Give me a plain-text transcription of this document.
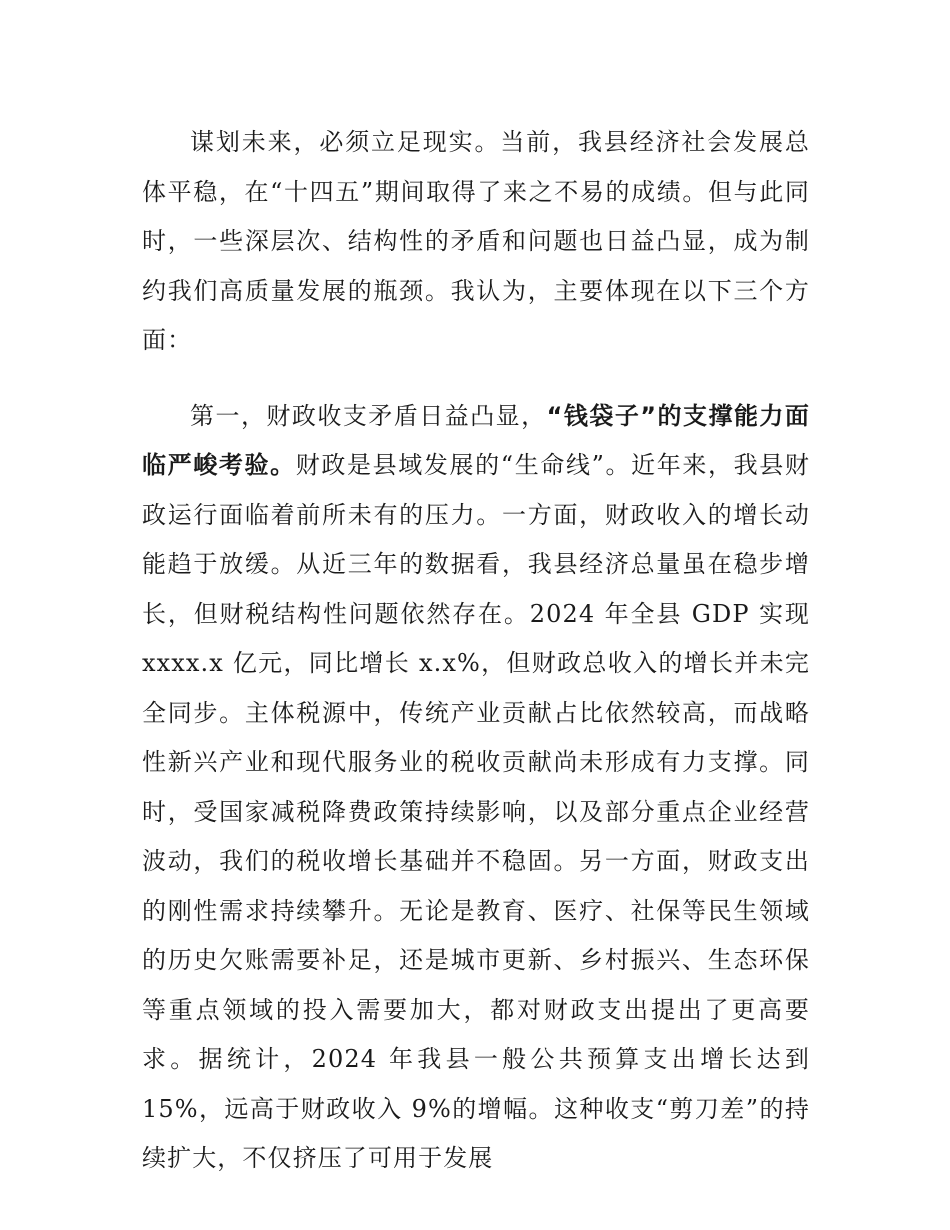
谋划未来，必须立足现实。当前，我县经济社会发展总体平稳，在“十四五”期间取得了来之不易的成绩。但与此同时，一些深层次、结构性的矛盾和问题也日益凸显，成为制约我们高质量发展的瓶颈。我认为，主要体现在以下三个方面：

第一，财政收支矛盾日益凸显，“钱袋子”的支撑能力面临严峻考验。财政是县域发展的“生命线”。近年来，我县财政运行面临着前所未有的压力。一方面，财政收入的增长动能趋于放缓。从近三年的数据看，我县经济总量虽在稳步增长，但财税结构性问题依然存在。2024 年全县 GDP 实现 xxxx.x 亿元，同比增长 x.x%，但财政总收入的增长并未完全同步。主体税源中，传统产业贡献占比依然较高，而战略性新兴产业和现代服务业的税收贡献尚未形成有力支撑。同时，受国家减税降费政策持续影响，以及部分重点企业经营波动，我们的税收增长基础并不稳固。另一方面，财政支出的刚性需求持续攀升。无论是教育、医疗、社保等民生领域的历史欠账需要补足，还是城市更新、乡村振兴、生态环保等重点领域的投入需要加大，都对财政支出提出了更高要求。据统计，2024 年我县一般公共预算支出增长达到 15%，远高于财政收入 9%的增幅。这种收支“剪刀差”的持续扩大，不仅挤压了可用于发展
